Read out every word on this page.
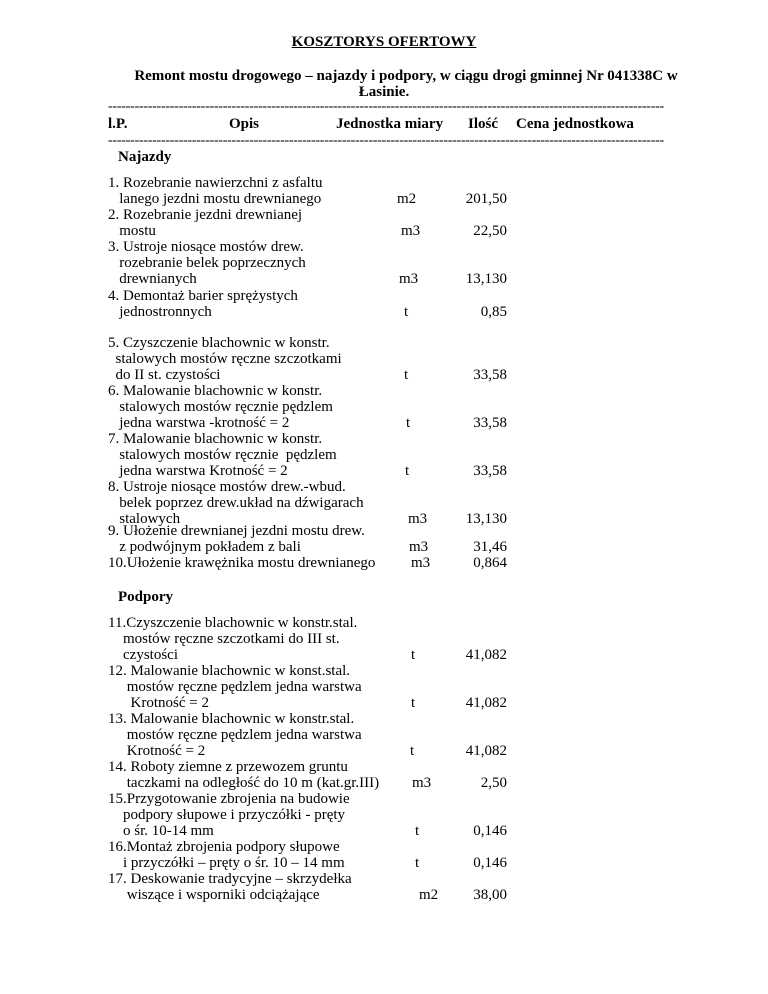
KOSZTORYS OFERTOWY
Remont mostu drogowego – najazdy i podpory, w ciągu drogi gminnej Nr 041338C w
Łasinie.
------------------------------------------------------------------------------------------------------------------------------
l.P.	Opis	Jednostka miary Ilość Cena jednostkowa
------------------------------------------------------------------------------------------------------------------------------
Najazdy
Podpory
1. Rozebranie nawierzchni z asfaltu
lanego jezdni mostu drewnianego	m2	201,50
2. Rozebranie jezdni drewnianej
mostu	m3	22,50
3. Ustroje niosące mostów drew.
rozebranie belek poprzecznych
drewnianych	m3	13,130
4. Demontaż barier sprężystych
jednostronnych	t	0,85
5. Czyszczenie blachownic w konstr.
stalowych mostów ręczne szczotkami
do II st. czystości	t	33,58
6. Malowanie blachownic w konstr.
stalowych mostów ręcznie pędzlem
jedna warstwa -krotność = 2	t	33,58
7. Malowanie blachownic w konstr.
stalowych mostów ręcznie  pędzlem
jedna warstwa Krotność = 2	t	33,58
8. Ustroje niosące mostów drew.-wbud.
belek poprzez drew.układ na dźwigarach
stalowych	m3	13,130
9. Ułożenie drewnianej jezdni mostu drew.
z podwójnym pokładem z bali	m3	31,46
10.Ułożenie krawężnika mostu drewnianego m3	0,864
11.Czyszczenie blachownic w konstr.stal.
mostów ręczne szczotkami do III st.
czystości	t	41,082
12. Malowanie blachownic w konst.stal.
mostów ręczne pędzlem jedna warstwa
Krotność = 2	t	41,082
13. Malowanie blachownic w konstr.stal.
mostów ręczne pędzlem jedna warstwa
Krotność = 2	t	41,082
14. Roboty ziemne z przewozem gruntu
taczkami na odległość do 10 m (kat.gr.III) m3	2,50
15.Przygotowanie zbrojenia na budowie
podpory słupowe i przyczółki - pręty
o śr. 10-14 mm	t	0,146
16.Montaż zbrojenia podpory słupowe
i przyczółki – pręty o śr. 10 – 14 mm	t	0,146
17. Deskowanie tradycyjne – skrzydełka
wiszące i wsporniki odciążające	m2	38,00
